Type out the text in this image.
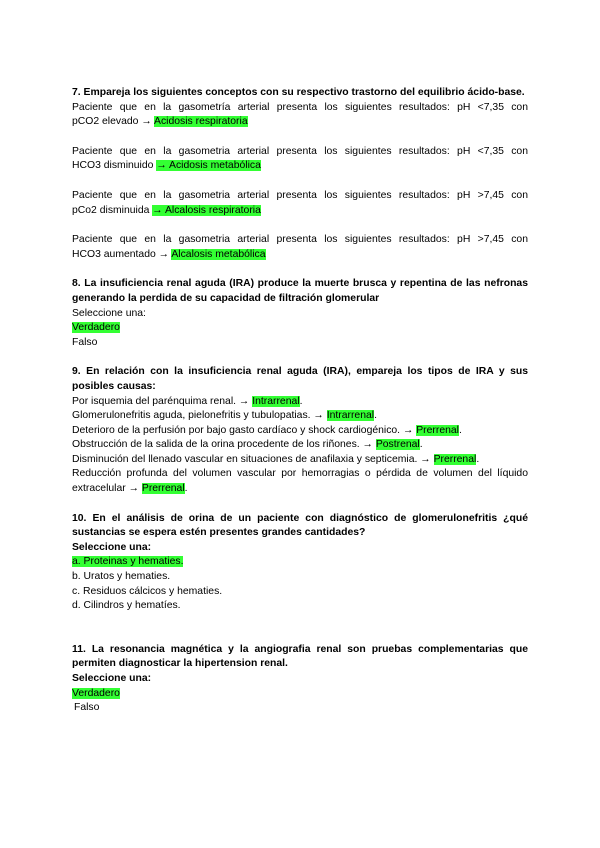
7. Empareja los siguientes conceptos con su respectivo trastorno del equilibrio ácido-base.
Paciente que en la gasometría arterial presenta los siguientes resultados: pH <7,35 con
pCO2 elevado → Acidosis respiratoria
Paciente que en la gasometria arterial presenta los siguientes resultados: pH <7,35 con
HCO3 disminuido → Acidosis metabólica
Paciente que en la gasometria arterial presenta los siguientes resultados: pH >7,45 con
pCo2 disminuida → Alcalosis respiratoria
Paciente que en la gasometria arterial presenta los siguientes resultados: pH >7,45 con
HCO3 aumentado → Alcalosis metabólica
8. La insuficiencia renal aguda (IRA) produce la muerte brusca y repentina de las nefronas generando la perdida de su capacidad de filtración glomerular
Seleccione una:
Verdadero
Falso
9. En relación con la insuficiencia renal aguda (IRA), empareja los tipos de IRA y sus posibles causas:
Por isquemia del parénquima renal. → Intrarrenal.
Glomerulonefritis aguda, pielonefritis y tubulopatias. → Intrarrenal.
Deterioro de la perfusión por bajo gasto cardíaco y shock cardiogénico. → Prerrenal.
Obstrucción de la salida de la orina procedente de los riñones. → Postrenal.
Disminución del llenado vascular en situaciones de anafilaxia y septicemia. → Prerrenal.
Reducción profunda del volumen vascular por hemorragias o pérdida de volumen del líquido
extracelular → Prerrenal.
10. En el análisis de orina de un paciente con diagnóstico de glomerulonefritis ¿qué sustancias se espera estén presentes grandes cantidades?
Seleccione una:
a. Proteinas y hematies.
b. Uratos y hematies.
c. Residuos cálcicos y hematies.
d. Cilindros y hematíes.
11. La resonancia magnética y la angiografia renal son pruebas complementarias que permiten diagnosticar la hipertension renal.
Seleccione una:
Verdadero
Falso
